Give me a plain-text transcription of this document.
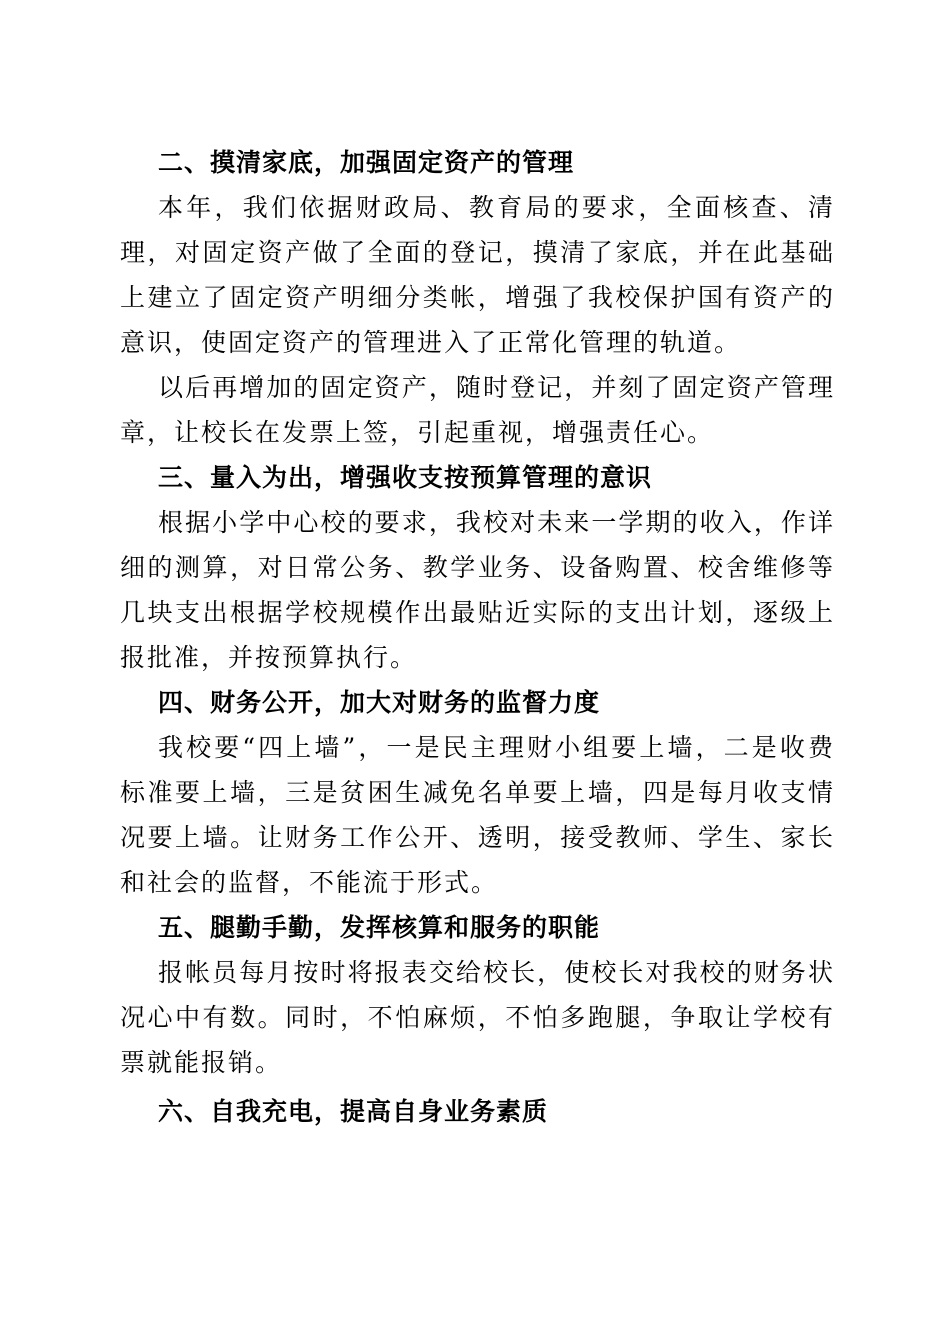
二、摸清家底，加强固定资产的管理

本年，我们依据财政局、教育局的要求，全面核查、清理，对固定资产做了全面的登记，摸清了家底，并在此基础上建立了固定资产明细分类帐，增强了我校保护国有资产的意识，使固定资产的管理进入了正常化管理的轨道。

以后再增加的固定资产，随时登记，并刻了固定资产管理章，让校长在发票上签，引起重视，增强责任心。

三、量入为出，增强收支按预算管理的意识

根据小学中心校的要求，我校对未来一学期的收入，作详细的测算，对日常公务、教学业务、设备购置、校舍维修等几块支出根据学校规模作出最贴近实际的支出计划，逐级上报批准，并按预算执行。

四、财务公开，加大对财务的监督力度

我校要“四上墙”，一是民主理财小组要上墙，二是收费标准要上墙，三是贫困生减免名单要上墙，四是每月收支情况要上墙。让财务工作公开、透明，接受教师、学生、家长和社会的监督，不能流于形式。

五、腿勤手勤，发挥核算和服务的职能

报帐员每月按时将报表交给校长，使校长对我校的财务状况心中有数。同时，不怕麻烦，不怕多跑腿，争取让学校有票就能报销。

六、自我充电，提高自身业务素质
